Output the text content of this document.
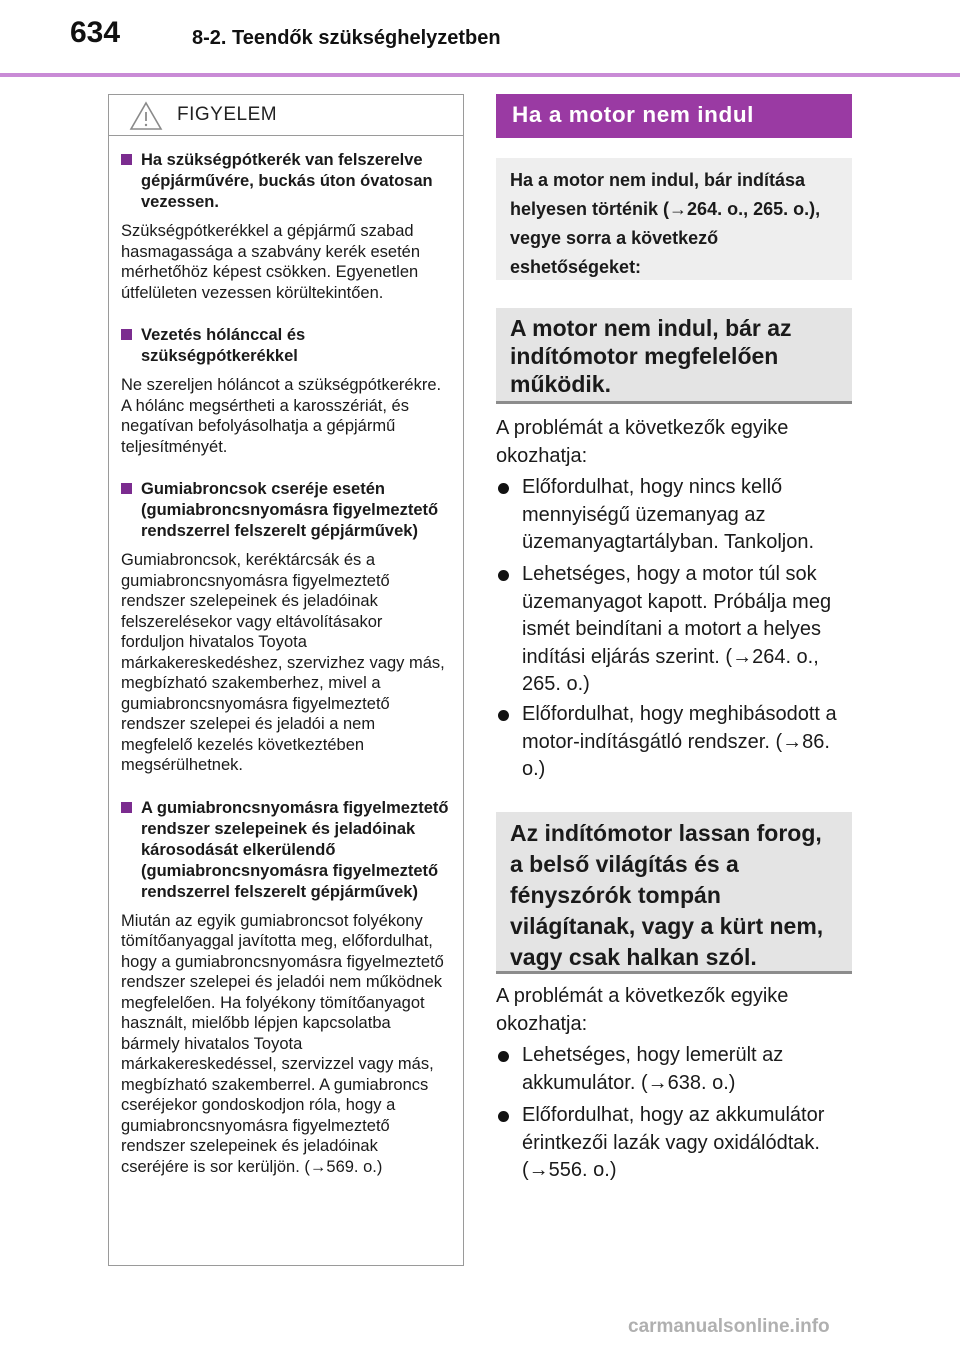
634	8-2. Teendők szükséghelyzetben
FIGYELEM
Ha szükségpótkerék van felszerelve gépjárművére, buckás úton óvatosan vezessen.
Szükségpótkerékkel a gépjármű szabad hasmagassága a szabvány kerék esetén mérhetőhöz képest csökken. Egyenetlen útfelületen vezessen körültekintően.
Vezetés hólánccal és szükségpótkerékkel
Ne szereljen hóláncot a szükségpótkerékre. A hólánc megsértheti a karosszériát, és negatívan befolyásolhatja a gépjármű teljesítményét.
Gumiabroncsok cseréje esetén (gumiabroncsnyomásra figyelmeztető rendszerrel felszerelt gépjárművek)
Gumiabroncsok, keréktárcsák és a gumiabroncsnyomásra figyelmeztető rendszer szelepeinek és jeladóinak felszerelésekor vagy eltávolításakor forduljon hivatalos Toyota márkakereskedéshez, szervizhez vagy más, megbízható szakemberhez, mivel a gumiabroncsnyomásra figyelmeztető rendszer szelepei és jeladói a nem megfelelő kezelés következtében megsérülhetnek.
A gumiabroncsnyomásra figyelmeztető rendszer szelepeinek és jeladóinak károsodását elkerülendő (gumiabroncsnyomásra figyelmeztető rendszerrel felszerelt gépjárművek)
Miután az egyik gumiabroncsot folyékony tömítőanyaggal javította meg, előfordulhat, hogy a gumiabroncsnyomásra figyelmeztető rendszer szelepei és jeladói nem működnek megfelelően. Ha folyékony tömítőanyagot használt, mielőbb lépjen kapcsolatba bármely hivatalos Toyota márkakereskedéssel, szervizzel vagy más, megbízható szakemberrel. A gumiabroncs cseréjekor gondoskodjon róla, hogy a gumiabroncsnyomásra figyelmeztető rendszer szelepeinek és jeladóinak cseréjére is sor kerüljön. (→569. o.)
Ha a motor nem indul
Ha a motor nem indul, bár indítása helyesen történik (→264. o., 265. o.), vegye sorra a következő eshetőségeket:
A motor nem indul, bár az indítómotor megfelelően működik.
A problémát a következők egyike okozhatja:
Előfordulhat, hogy nincs kellő mennyiségű üzemanyag az üzemanyagtartályban. Tankoljon.
Lehetséges, hogy a motor túl sok üzemanyagot kapott. Próbálja meg ismét beindítani a motort a helyes indítási eljárás szerint. (→264. o., 265. o.)
Előfordulhat, hogy meghibásodott a motor-indításgátló rendszer. (→86. o.)
Az indítómotor lassan forog, a belső világítás és a fényszórók tompán világítanak, vagy a kürt nem, vagy csak halkan szól.
A problémát a következők egyike okozhatja:
Lehetséges, hogy lemerült az akkumulátor. (→638. o.)
Előfordulhat, hogy az akkumulátor érintkezői lazák vagy oxidálódtak. (→556. o.)
carmanualsonline.info
